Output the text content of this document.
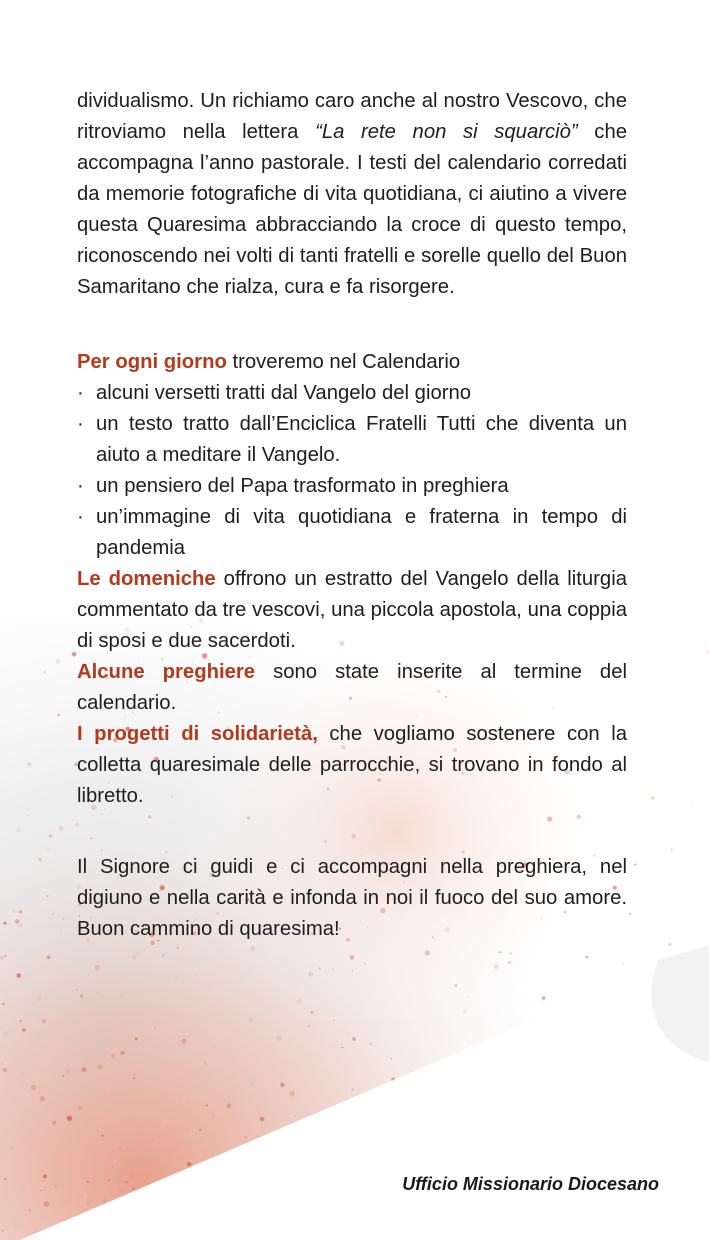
dividualismo. Un richiamo caro anche al nostro Vescovo, che ritroviamo nella lettera “La rete non si squarciò” che accompagna l’anno pastorale. I testi del calendario corredati da memorie fotografiche di vita quotidiana, ci aiutino a vivere questa Quaresima abbracciando la croce di questo tempo, riconoscendo nei volti di tanti fratelli e sorelle quello del Buon Samaritano che rialza, cura e fa risorgere.

Per ogni giorno troveremo nel Calendario

· alcuni versetti tratti dal Vangelo del giorno
· un testo tratto dall’Enciclica Fratelli Tutti che diventa un aiuto a meditare il Vangelo.
· un pensiero del Papa trasformato in preghiera
· un’immagine di vita quotidiana e fraterna in tempo di pandemia

Le domeniche offrono un estratto del Vangelo della liturgia commentato da tre vescovi, una piccola apostola, una coppia di sposi e due sacerdoti.

Alcune preghiere sono state inserite al termine del calendario.

I progetti di solidarietà, che vogliamo sostenere con la colletta quaresimale delle parrocchie, si trovano in fondo al libretto.

Il Signore ci guidi e ci accompagni nella preghiera, nel digiuno e nella carità e infonda in noi il fuoco del suo amore. Buon cammino di quaresima!

Ufficio Missionario Diocesano
